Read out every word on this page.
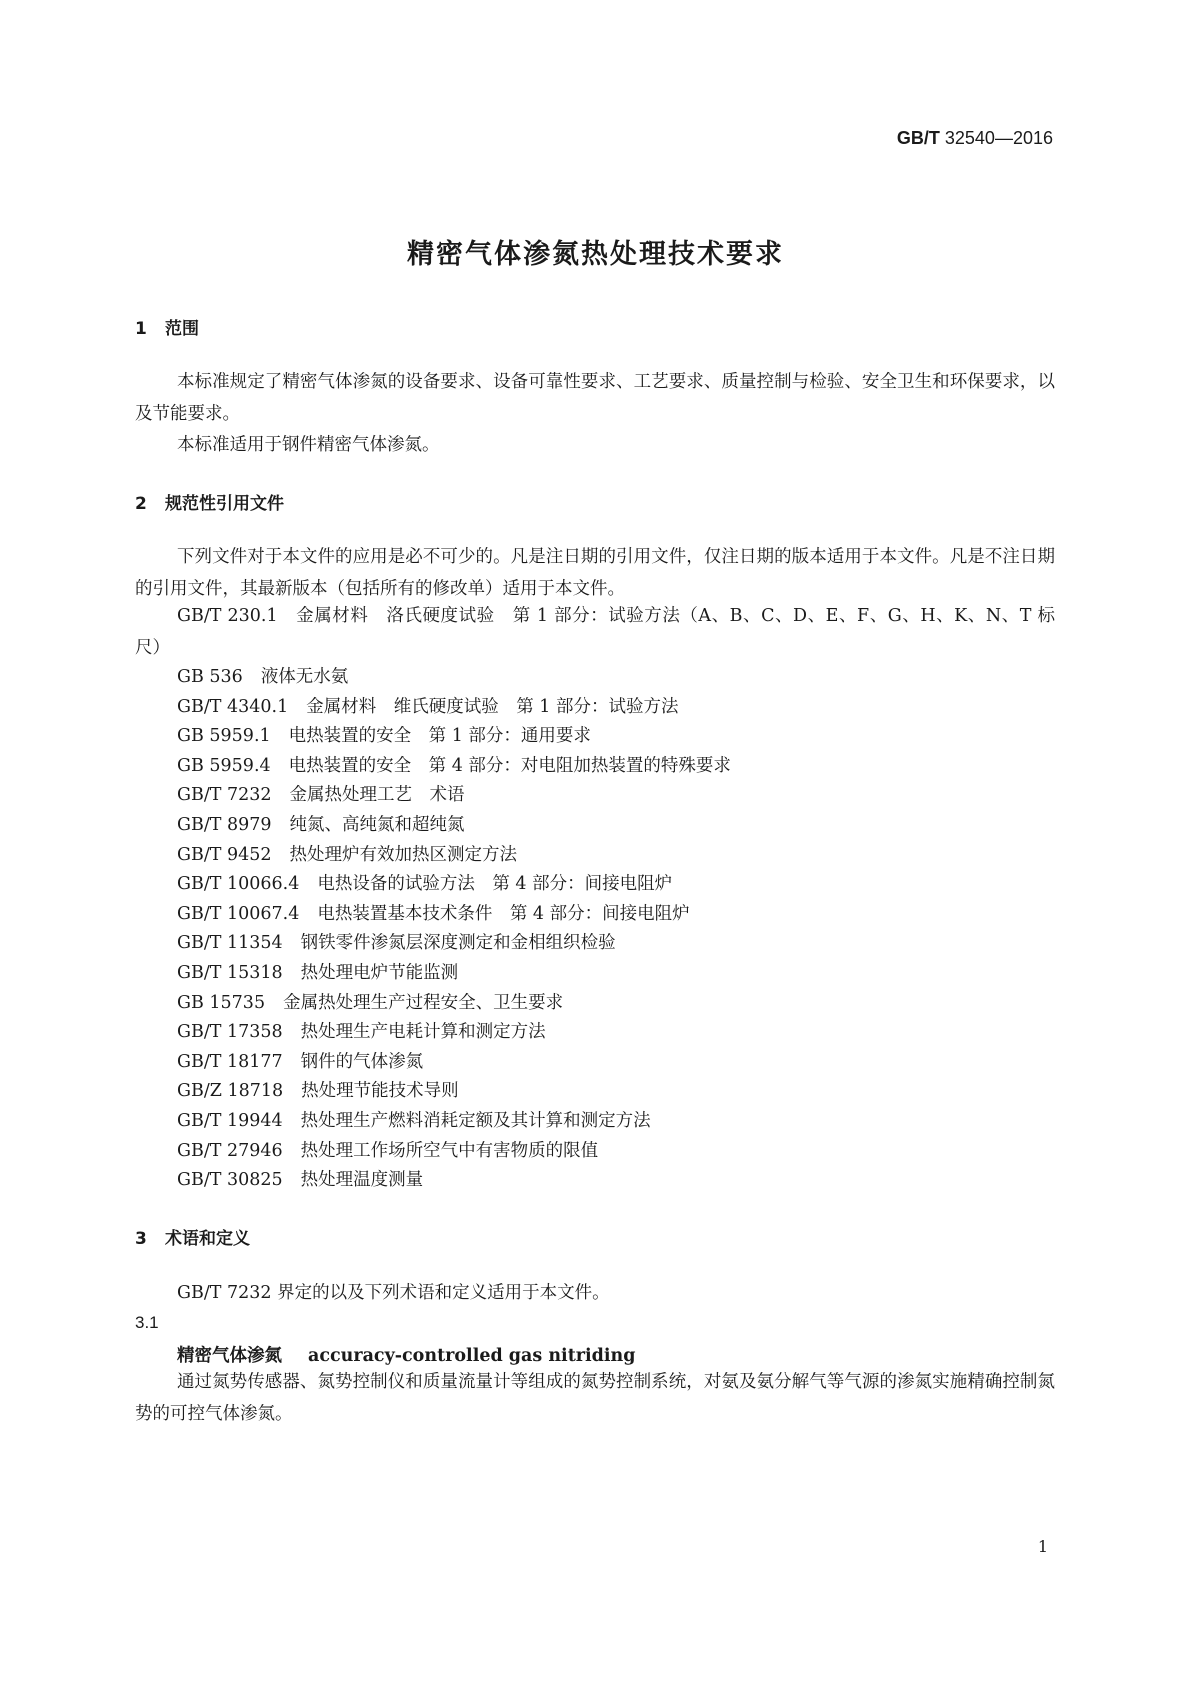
GB/T 32540—2016
精密气体渗氮热处理技术要求
1 范围
本标准规定了精密气体渗氮的设备要求、设备可靠性要求、工艺要求、质量控制与检验、安全卫生和环保要求，以及节能要求。
本标准适用于钢件精密气体渗氮。
2 规范性引用文件
下列文件对于本文件的应用是必不可少的。凡是注日期的引用文件，仅注日期的版本适用于本文件。凡是不注日期的引用文件，其最新版本（包括所有的修改单）适用于本文件。
GB/T 230.1　金属材料　洛氏硬度试验　第 1 部分：试验方法（A、B、C、D、E、F、G、H、K、N、T 标尺）
GB 536 液体无水氨
GB/T 4340.1 金属材料　维氏硬度试验　第 1 部分：试验方法
GB 5959.1 电热装置的安全　第 1 部分：通用要求
GB 5959.4 电热装置的安全　第 4 部分：对电阻加热装置的特殊要求
GB/T 7232 金属热处理工艺　术语
GB/T 8979 纯氮、高纯氮和超纯氮
GB/T 9452 热处理炉有效加热区测定方法
GB/T 10066.4 电热设备的试验方法　第 4 部分：间接电阻炉
GB/T 10067.4 电热装置基本技术条件　第 4 部分：间接电阻炉
GB/T 11354 钢铁零件渗氮层深度测定和金相组织检验
GB/T 15318 热处理电炉节能监测
GB 15735 金属热处理生产过程安全、卫生要求
GB/T 17358 热处理生产电耗计算和测定方法
GB/T 18177 钢件的气体渗氮
GB/Z 18718 热处理节能技术导则
GB/T 19944 热处理生产燃料消耗定额及其计算和测定方法
GB/T 27946 热处理工作场所空气中有害物质的限值
GB/T 30825 热处理温度测量
3 术语和定义
GB/T 7232 界定的以及下列术语和定义适用于本文件。
3.1
精密气体渗氮 accuracy-controlled gas nitriding
通过氮势传感器、氮势控制仪和质量流量计等组成的氮势控制系统，对氨及氨分解气等气源的渗氮实施精确控制氮势的可控气体渗氮。
1
